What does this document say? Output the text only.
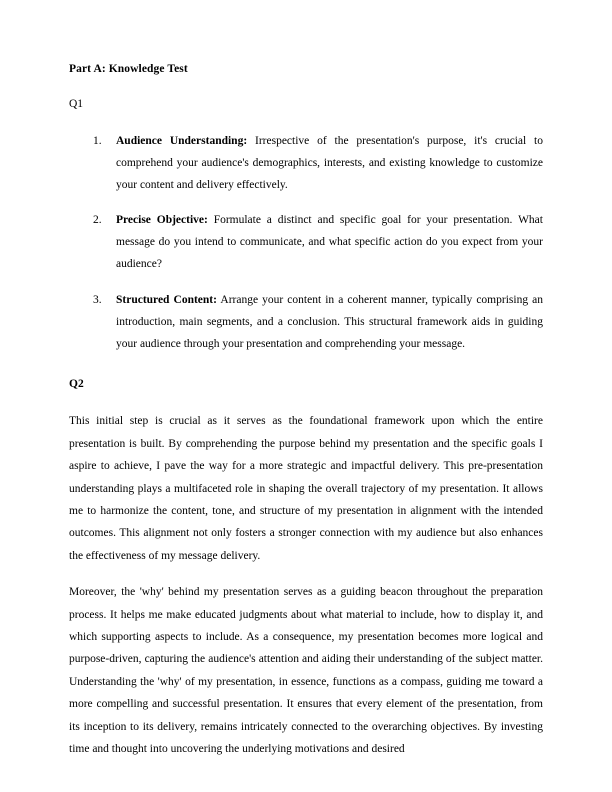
Part A: Knowledge Test
Q1
Audience Understanding: Irrespective of the presentation's purpose, it's crucial to comprehend your audience's demographics, interests, and existing knowledge to customize your content and delivery effectively.
Precise Objective: Formulate a distinct and specific goal for your presentation. What message do you intend to communicate, and what specific action do you expect from your audience?
Structured Content: Arrange your content in a coherent manner, typically comprising an introduction, main segments, and a conclusion. This structural framework aids in guiding your audience through your presentation and comprehending your message.
Q2

This initial step is crucial as it serves as the foundational framework upon which the entire presentation is built. By comprehending the purpose behind my presentation and the specific goals I aspire to achieve, I pave the way for a more strategic and impactful delivery. This pre-presentation understanding plays a multifaceted role in shaping the overall trajectory of my presentation. It allows me to harmonize the content, tone, and structure of my presentation in alignment with the intended outcomes. This alignment not only fosters a stronger connection with my audience but also enhances the effectiveness of my message delivery.

Moreover, the 'why' behind my presentation serves as a guiding beacon throughout the preparation process. It helps me make educated judgments about what material to include, how to display it, and which supporting aspects to include. As a consequence, my presentation becomes more logical and purpose-driven, capturing the audience's attention and aiding their understanding of the subject matter. Understanding the 'why' of my presentation, in essence, functions as a compass, guiding me toward a more compelling and successful presentation. It ensures that every element of the presentation, from its inception to its delivery, remains intricately connected to the overarching objectives. By investing time and thought into uncovering the underlying motivations and desired
